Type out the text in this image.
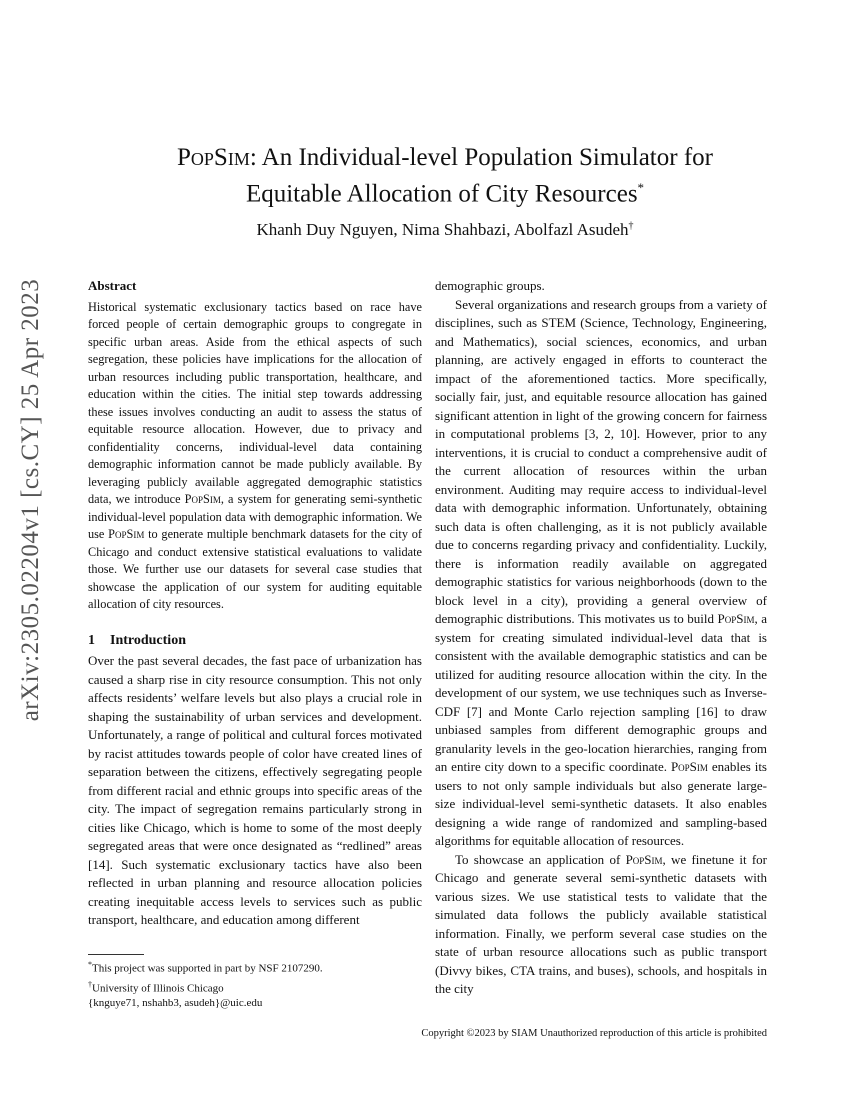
arXiv:2305.02204v1 [cs.CY] 25 Apr 2023
PopSim: An Individual-level Population Simulator for
Equitable Allocation of City Resources*
Khanh Duy Nguyen, Nima Shahbazi, Abolfazl Asudeh†
Abstract

Historical systematic exclusionary tactics based on race have forced people of certain demographic groups to congregate in specific urban areas. Aside from the ethical aspects of such segregation, these policies have implications for the allocation of urban resources including public transportation, healthcare, and education within the cities. The initial step towards addressing these issues involves conducting an audit to assess the status of equitable resource allocation. However, due to privacy and confidentiality concerns, individual-level data containing demographic information cannot be made publicly available. By leveraging publicly available aggregated demographic statistics data, we introduce PopSim, a system for generating semi-synthetic individual-level population data with demographic information. We use PopSim to generate multiple benchmark datasets for the city of Chicago and conduct extensive statistical evaluations to validate those. We further use our datasets for several case studies that showcase the application of our system for auditing equitable allocation of city resources.

1 Introduction

Over the past several decades, the fast pace of urbanization has caused a sharp rise in city resource consumption. This not only affects residents’ welfare levels but also plays a crucial role in shaping the sustainability of urban services and development. Unfortunately, a range of political and cultural forces motivated by racist attitudes towards people of color have created lines of separation between the citizens, effectively segregating people from different racial and ethnic groups into specific areas of the city. The impact of segregation remains particularly strong in cities like Chicago, which is home to some of the most deeply segregated areas that were once designated as “redlined” areas [14]. Such systematic exclusionary tactics have also been reflected in urban planning and resource allocation policies creating inequitable access levels to services such as public transport, healthcare, and education among different

demographic groups.

Several organizations and research groups from a variety of disciplines, such as STEM (Science, Technology, Engineering, and Mathematics), social sciences, economics, and urban planning, are actively engaged in efforts to counteract the impact of the aforementioned tactics. More specifically, socially fair, just, and equitable resource allocation has gained significant attention in light of the growing concern for fairness in computational problems [3, 2, 10]. However, prior to any interventions, it is crucial to conduct a comprehensive audit of the current allocation of resources within the urban environment. Auditing may require access to individual-level data with demographic information. Unfortunately, obtaining such data is often challenging, as it is not publicly available due to concerns regarding privacy and confidentiality. Luckily, there is information readily available on aggregated demographic statistics for various neighborhoods (down to the block level in a city), providing a general overview of demographic distributions. This motivates us to build PopSim, a system for creating simulated individual-level data that is consistent with the available demographic statistics and can be utilized for auditing resource allocation within the city. In the development of our system, we use techniques such as Inverse-CDF [7] and Monte Carlo rejection sampling [16] to draw unbiased samples from different demographic groups and granularity levels in the geo-location hierarchies, ranging from an entire city down to a specific coordinate. PopSim enables its users to not only sample individuals but also generate large-size individual-level semi-synthetic datasets. It also enables designing a wide range of randomized and sampling-based algorithms for equitable allocation of resources.

To showcase an application of PopSim, we finetune it for Chicago and generate several semi-synthetic datasets with various sizes. We use statistical tests to validate that the simulated data follows the publicly available statistical information. Finally, we perform several case studies on the state of urban resource allocations such as public transport (Divvy bikes, CTA trains, and buses), schools, and hospitals in the city

*This project was supported in part by NSF 2107290.
†University of Illinois Chicago
{knguye71, nshahb3, asudeh}@uic.edu
Copyright ©2023 by SIAM Unauthorized reproduction of this article is prohibited
